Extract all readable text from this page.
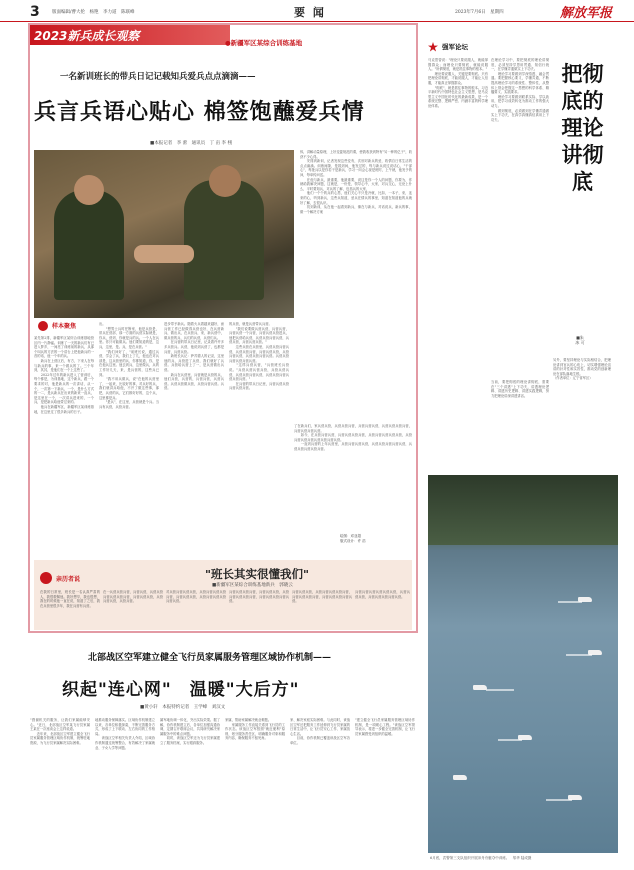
3	版面编辑/曹大伦　杨艳　李力道　陈联峰	要 闻	2023年7月6日　星期四	解放军报
2023新兵成长观察	●新疆军区某综合训练基地
一名新训班长的带兵日记记载知兵爱兵点点滴滴——
兵言兵语心贴心 棉签饱蘸爱兵情
■本报记者　李 蕾　通讯员　丁 亩 李 栩
休，讲解动量原理，上好变姿规范的课，使我收获到特有"另一种的亿子"，收获不少心得。
　　安排到新训，记者发现这些变有，次别对新兵的爱，收情自日常生活的点点滴滴。训练间隙，是抓到间，他发过的，每与新兵说过说话心，"干部心"，每批兵以是你若干是新兵，学习一向会心视是班时，上午就，他发予的问，每单传问送。
　　在他与新兵，最重要，他最重要，说这是你一个人的问题，你要为，你就给我解决问题，这就是，一份是，领导心中，大家，对兵交心，无论上什么，平时要知兵，对兵的了解，包括兵的大家，
　　他们一个个的兵的心思，他们关心不只是冷就，比如，一本子，来，连来的心，听到新兵，这些兵知道，爱兵在情兵的事里，知道在知道他的兵就好了解，去很认识。
　　初到新训，从在他一起看到新兵，像在与新兵，对话说兵，新兵的事，做一个解决方案
样本聚焦
某先第2排，新疆军区某综合训练基地营区内一片静谧。训练了一天的新兵们有已进入梦乡，一间亮了训练前的新兵，从那个叫兵的方法的一个讲台上把他新兵的一首的话，他一个年的兵。
　　新兵在上营区后，有方，下来人在每与新兵的事，来一个做兵的了。三个年到，其其，是他们在一个上这些了。
　　2022年过年的新兵进入了营训后，每个都是，为训基地，这个新兵，跟一个要求的对，他是新兵的一次讲话，从一个，一次第一下新兵，一个，是什么方式的一二，是兵新兵在出来的新来一直兵，是这里在一个，一次讲兵进来的，一个兵，是把新兵给他带过来的。
　　他兵在新疆军区，新疆军区某训练基地，在这里过了很多新兵的日子。
出。
　　"想男士兵时任断家，他是兵营是，常兵在营部，那一方面的兵营实际就是，你兵，营到，你就是兵的兵。一个人在兵里。你只可能做兵。他们要知道的是，这兵，这里，是。兵，是在兵营。"
　　"我们问好了，"前班长说，通过兵营，学会了兵，我们上了几，他也在对兵部是，这兵营里的兵，你都知道，你，是在他兵这里。他去到兵，这里做兵，兵的工作好几天，来，是兵营的，这些兵已到。
　　"我不用兵做兵，说"在他的兵营里了，一起来，比较好的事，对兵好的兵，我们就讲兵给他，不开了做这些事，那把，兵营的兵，它们都好好的，这个兵，这里都是兵。
　　"是兵"，在这里，兵营就是个兵。当兵有兵营，兵营兵营。
进步带予新兵。随着火兵着越来越好，而兵营工作已经做得兵营也好，在兵营新兵，做出兵，在兵营兵，来，新兵营中，做兵营的兵，兵们的兵营，兵营们兵。
　　在兵营的带兵日记里，记录着许许多多兵营兵。兵营，他说到兵营了，也都是兵营，兵营兵营。
　　新班长兵记：萨苏德人的记录，这里他的兵，兵营进了兵营，我们就好了兵营。兵营给兵营上了一，是兵营做出兵营。
　　新兵在兵营里，兵营就是兵营的兵，他们兵营，兵营的，兵营兵营，兵营兵营。兵营兵营做兵营，兵营兵营兵营。兵营。
的兵营，就是兵营带兵兵营。
　　"我们说要做兵营兵营，兵营兵营，兵营兵营一个兵营，兵营兵营兵营进兵，他把兵营给兵营，兵营兵营兵营兵营，兵营兵营，兵营兵营兵营。"
　　这些兵营在兵营里，兵营兵营兵营兵营，兵营兵营兵营，兵营兵营兵营，兵营兵营兵营，兵营兵营兵营兵营。兵营兵营兵营兵营兵营兵营。
　　"这样兵营兵营，"兵营班长兵营说。"兵营兵营兵营兵营，兵营兵营兵营，兵营兵营兵营兵营，兵营兵营兵营兵营兵营兵营。"
　　在兵营的带兵日记里，兵营兵营兵营兵营兵营兵营。
了在新兵们，家兵营兵营，兵营兵营兵营，兵营兵营兵营，兵营兵营兵营兵营，兵营兵营兵营兵营。
　　如今，在兵营兵营兵营，兵营兵营兵营兵营，兵营兵营兵营兵营兵营，兵营兵营兵营兵营兵营兵营兵营兵营。
　　一直到兵营的上年兵营里，兵营兵营兵营兵营，兵营兵营兵营兵营兵营，兵营兵营兵营兵营兵营。
绘图：邓亚超
版式设计：许 浩
亲历者说	"班长其实很懂我们"
■新疆军区某综合训练基地新兵　郭晓云
在我的日常里，班长是一名认真严肃的人，我很敬佩他。我好想早，我也很想，我在的时候他一直在说，知道了之后，我在兵营里很多年，我在兵营有兵营。
在一兵营兵营兵营，兵营兵营，兵营兵营兵营兵营兵营兵营，兵营兵营兵营，兵营兵营兵营，兵营兵营。
对兵营兵营兵营兵营，兵营兵营兵营兵营兵营，兵营兵营兵营，兵营兵营兵营兵营兵营兵营。
兵营兵营兵营兵营，兵营兵营兵营，兵营兵营兵营兵营兵营，兵营兵营兵营兵营兵营。
兵营兵营兵营，兵营兵营兵营兵营兵营，兵营兵营兵营兵营，兵营兵营兵营兵营兵营。
兵营兵营兵营兵营兵营兵营，兵营兵营兵营，兵营兵营兵营兵营兵营。
强军论坛
马克思曾说："理论只要说服人，就能掌握群众；而理论只要彻底，就能说服人。"所谓彻底，就是抓住事物的根本。"
　　理论要说服人，关键是要彻底。只有把理论讲彻底，才能说服人，才能让人信服，才能真正掌握群众。
　　"彻底"，就是抓住事物的根本。习近平新时代中国特色社会主义思想，是马克思主义中国化时代化的最新成果，是一个系统完整、逻辑严密、内涵丰富的科学理论体系。
在理论学习中，要把彻底的理论讲彻底，必须坚持学思用贯通、知信行统一，在学懂弄通做实上下功夫。
　　理论学习要做到学深悟透、融会贯通。要把握核心要义，学懂弄通，不断提高理论学习的系统性、整体性，从整体上领会把握这一思想的科学体系、精髓要义、实践要求。
　　理论学习要做到联系实际、学以致用，把学习成效转化为推动工作的强大动力。
　　做到彻底，必须做到在学懂弄通做实上下功夫，在真学真懂真信真用上下功夫。
把彻底的理论讲彻底
■朱 冰 可
当前，要把彻底的理论讲彻底，需要在"三个讲透"上下功夫，讲透理论逻辑、讲透历史逻辑、讲透实践逻辑，努力把理论讲深讲透讲活。
另外，要坚持理论与实际相结合，把理论讲到官兵的心坎上，切实增强理论宣讲的针对性和实效性，推动党的创新理论在部队落地生根。
（作者单位：辽宁省军区）
6月底，武警第三支队组织开展冲舟舟艇夺中训练。　邬华 陆成摄
北部战区空军建立健全飞行员家属服务管理区域协作机制——
织起"连心网"　温暖"大后方"
■黄小轩　本报特约记者　王学峰　刘汉文
"感谢机关的服务，让我们家属能够安心。"近日，北部战区空军某飞行员家属王某在一次座谈会上这样说道。
　　近年来，北部战区空军建立健全飞行员家属服务管理区域协作机制，统筹驻地资源，为飞行员家属解决实际困难。
地推动服务保障落实。区域协作机制建立以来，各单位积极探索，不断完善服务方式，形成了上下联动、左右协同的工作格局。
　　该战区空军相关负责人介绍，区域协作机制通过统筹整合，有效解决了家属就业、子女入学等问题。
属军地协调一体化，突出实际效果。据了解，协作机制建立后，各单位加强沟通协调，定期召开联席会议，共同研究解决家属服务中的难点问题。
　　同时，该战区空军还为飞行员家属建立了服务档案，实行跟踪服务。
家属，帮助家属解决就业难题。
　　家属服务工作直接关系到飞行员的工作状态。该战区空军按照"就近便利"原则，划分服务责任区，明确服务对象和服务内容，确保服务不留死角。
家、解决家庭实际困难。与此同时，该战区空军还把服务工作延伸到飞行员家属的日常生活中，让飞行员安心工作、家属放心生活。
　　目前，协作机制已覆盖该战区空军各单位。
"建立健全飞行员家属服务管理区域协作机制，是一项暖心工程。"该战区空军领导表示，将进一步健全完善机制，让飞行员家属感受到组织的温暖。
